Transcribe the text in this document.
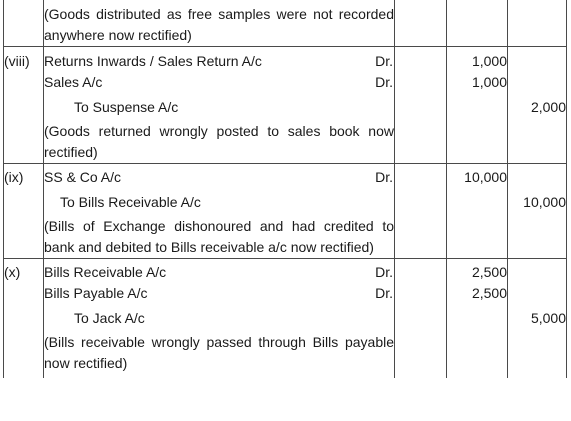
	(Goods distributed as free samples were not recorded anywhere now rectified)			

(viii)	Returns Inwards / Sales Return A/c Dr.		1,000	

	Sales A/c Dr.		1,000	

	To Suspense A/c			2,000

	(Goods returned wrongly posted to sales book now rectified)			

(ix)	SS & Co A/c Dr.		10,000	

	To Bills Receivable A/c			10,000

	(Bills of Exchange dishonoured and had credited to bank and debited to Bills receivable a/c now rectified)			

(x)	Bills Receivable A/c Dr.		2,500	

	Bills Payable A/c Dr.		2,500	

	To Jack A/c			5,000

	(Bills receivable wrongly passed through Bills payable now rectified)			
